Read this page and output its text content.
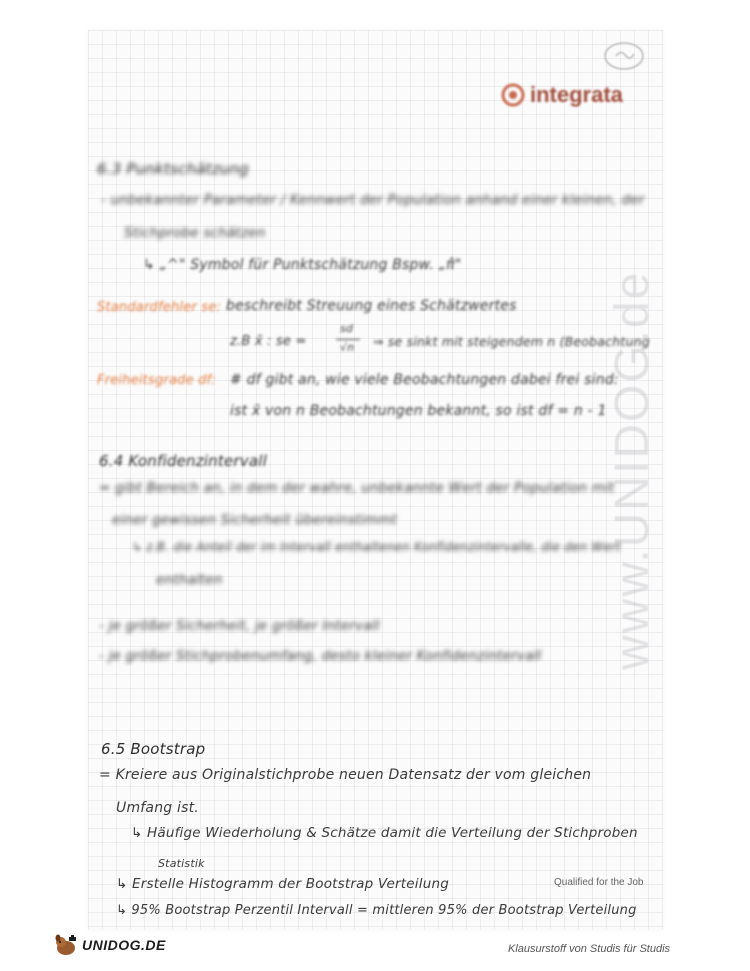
integrata
6.3 Punktschätzung
- unbekannter Parameter / Kennwert der Population anhand einer kleinen, der
Stichprobe schätzen
↳ „^" Symbol für Punktschätzung Bspw. „π̂"
Standardfehler se: beschreibt Streuung eines Schätzwertes
z.B x̄ : se =
sd
√n ⇒ se sinkt mit steigendem n (Beobachtung
Freiheitsgrade df: # df gibt an, wie viele Beobachtungen dabei frei sind:
ist x̄ von n Beobachtungen bekannt, so ist df = n - 1
6.4 Konfidenzintervall
= gibt Bereich an, in dem der wahre, unbekannte Wert der Population mit
einer gewissen Sicherheit übereinstimmt
↳ z.B. die Anteil der im Intervall enthaltenen Konfidenzintervalle, die den Wert
enthalten
- je größer Sicherheit, je größer Intervall
- je größer Stichprobenumfang, desto kleiner Konfidenzintervall
6.5 Bootstrap
= Kreiere aus Originalstichprobe neuen Datensatz der vom gleichen
Umfang ist.
↳ Häufige Wiederholung & Schätze damit die Verteilung der Stichproben
Statistik
↳ Erstelle Histogramm der Bootstrap Verteilung
↳ 95% Bootstrap Perzentil Intervall = mittleren 95% der Bootstrap Verteilung
Qualified for the Job
www.UNIDOG.de
UNIDOG.DE	Klausurstoff von Studis für Studis
